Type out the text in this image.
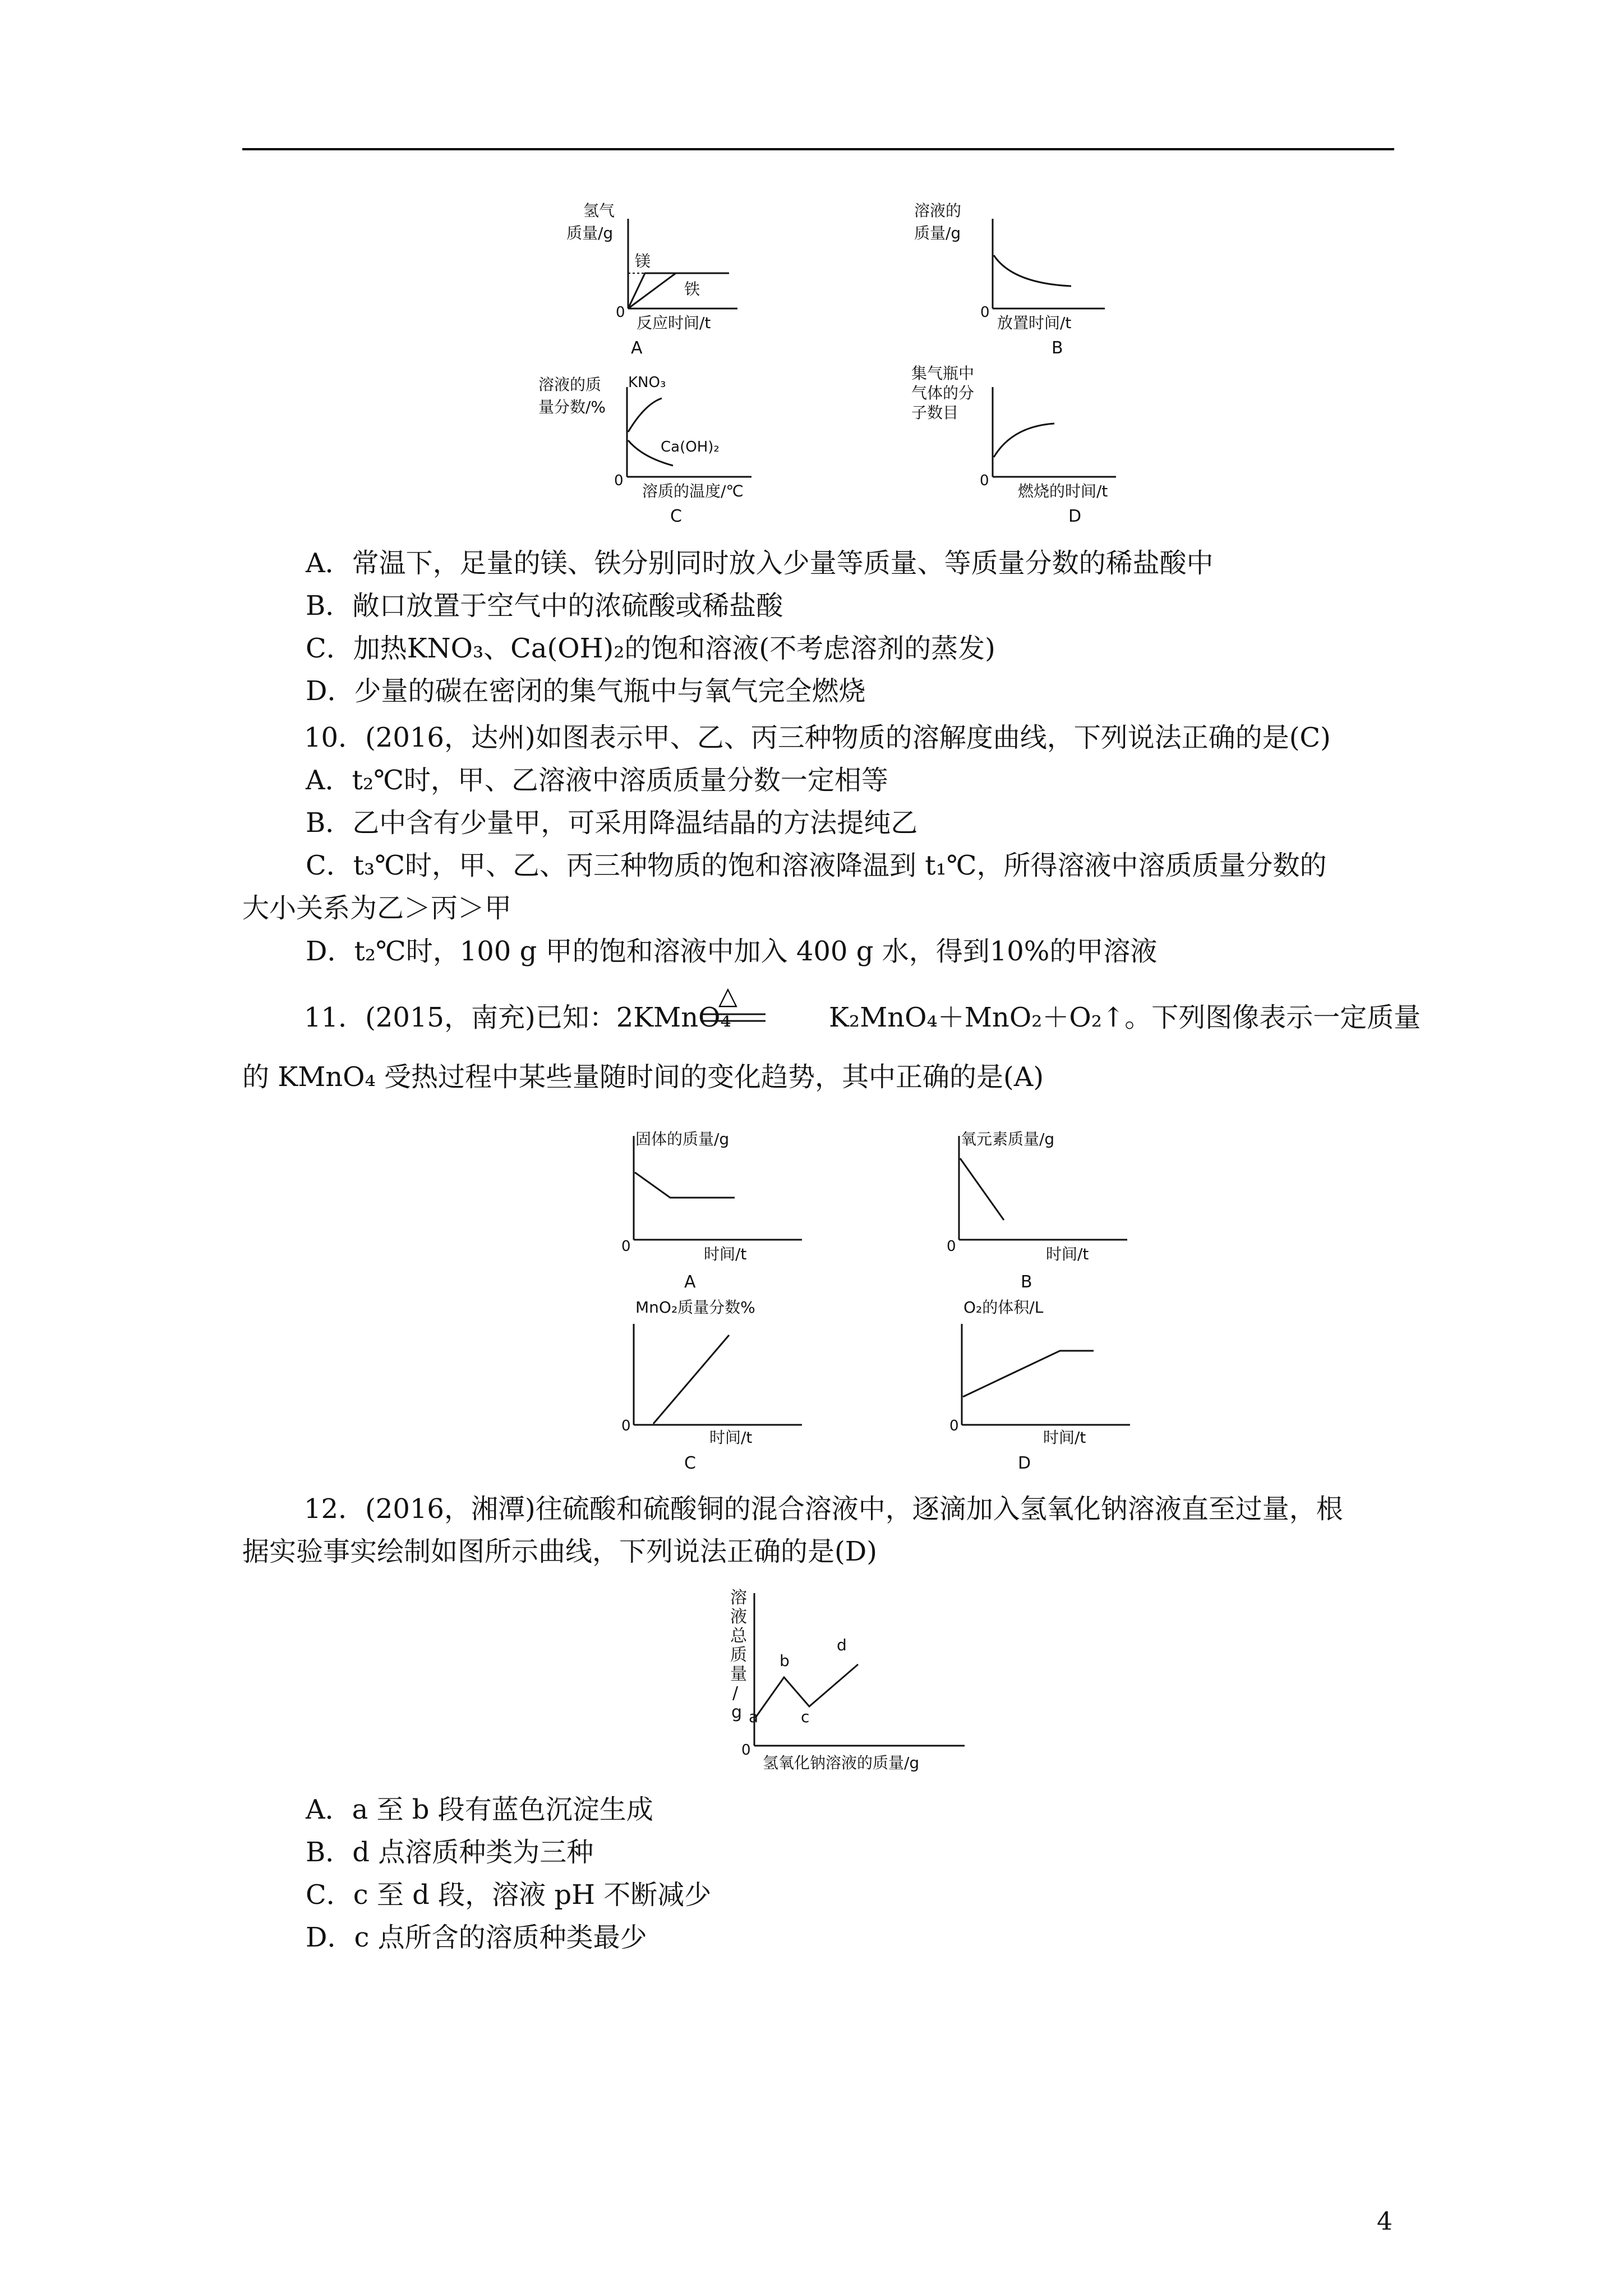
氢气
质量/g
镁
铁
0
反应时间/t
A
溶液的
质量/g
0
放置时间/t
B
溶液的质
量分数/%
KNO₃
Ca(OH)₂
0
溶质的温度/℃
C
集气瓶中
气体的分
子数目
0
燃烧的时间/t
D
A．常温下，足量的镁、铁分别同时放入少量等质量、等质量分数的稀盐酸中
B．敞口放置于空气中的浓硫酸或稀盐酸
C．加热KNO₃、Ca(OH)₂的饱和溶液(不考虑溶剂的蒸发)
D．少量的碳在密闭的集气瓶中与氧气完全燃烧
10．(2016，达州)如图表示甲、乙、丙三种物质的溶解度曲线，下列说法正确的是(C)
A．t₂℃时，甲、乙溶液中溶质质量分数一定相等
B．乙中含有少量甲，可采用降温结晶的方法提纯乙
C．t₃℃时，甲、乙、丙三种物质的饱和溶液降温到 t₁℃，所得溶液中溶质质量分数的
大小关系为乙＞丙＞甲
D．t₂℃时，100 g 甲的饱和溶液中加入 400 g 水，得到10%的甲溶液
11．(2015，南充)已知：2KMnO₄
△
K₂MnO₄＋MnO₂＋O₂↑。下列图像表示一定质量
的 KMnO₄ 受热过程中某些量随时间的变化趋势，其中正确的是(A)
固体的质量/g
0	时间/t
A
氧元素质量/g
0	时间/t
B
MnO₂质量分数%
0
时间/t
C
O₂的体积/L
0
时间/t
D
12．(2016，湘潭)往硫酸和硫酸铜的混合溶液中，逐滴加入氢氧化钠溶液直至过量，根
据实验事实绘制如图所示曲线，下列说法正确的是(D)
溶
液
总
质
量
/
g a
b
c
d
0
氢氧化钠溶液的质量/g
A．a 至 b 段有蓝色沉淀生成
B．d 点溶质种类为三种
C．c 至 d 段，溶液 pH 不断减少
D．c 点所含的溶质种类最少
4
